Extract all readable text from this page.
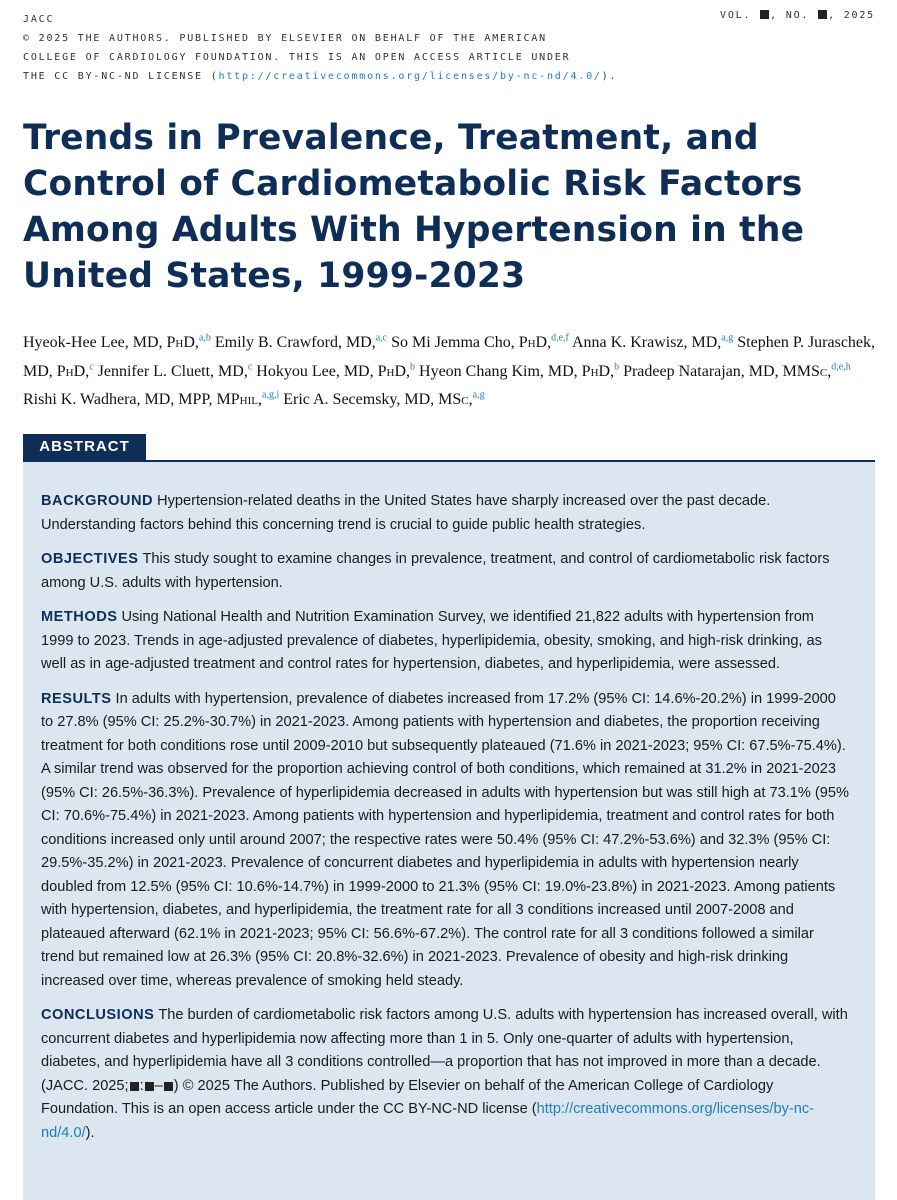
JACC
© 2025 THE AUTHORS. PUBLISHED BY ELSEVIER ON BEHALF OF THE AMERICAN
COLLEGE OF CARDIOLOGY FOUNDATION. THIS IS AN OPEN ACCESS ARTICLE UNDER
THE CC BY-NC-ND LICENSE (http://creativecommons.org/licenses/by-nc-nd/4.0/).
VOL. , NO. , 2025
Trends in Prevalence, Treatment, and Control of Cardiometabolic Risk Factors Among Adults With Hypertension in the United States, 1999-2023
Hyeok-Hee Lee, MD, PhD,$^{a,b}$ Emily B. Crawford, MD,$^{a,c}$ So Mi Jemma Cho, PhD,$^{d,e,f}$ Anna K. Krawisz, MD,$^{a,g}$ Stephen P. Juraschek, MD, PhD,$^c$ Jennifer L. Cluett, MD,$^c$ Hokyou Lee, MD, PhD,$^b$ Hyeon Chang Kim, MD, PhD,$^b$ Pradeep Natarajan, MD, MMSc,$^{d,e,h}$ Rishi K. Wadhera, MD, MPP, MPhil,$^{a,g,i}$ Eric A. Secemsky, MD, MSc,$^{a,g}$
ABSTRACT

BACKGROUND Hypertension-related deaths in the United States have sharply increased over the past decade. Understanding factors behind this concerning trend is crucial to guide public health strategies.

OBJECTIVES This study sought to examine changes in prevalence, treatment, and control of cardiometabolic risk factors among U.S. adults with hypertension.

METHODS Using National Health and Nutrition Examination Survey, we identified 21,822 adults with hypertension from 1999 to 2023. Trends in age-adjusted prevalence of diabetes, hyperlipidemia, obesity, smoking, and high-risk drinking, as well as in age-adjusted treatment and control rates for hypertension, diabetes, and hyperlipidemia, were assessed.

RESULTS In adults with hypertension, prevalence of diabetes increased from 17.2% (95% CI: 14.6%-20.2%) in 1999-2000 to 27.8% (95% CI: 25.2%-30.7%) in 2021-2023. Among patients with hypertension and diabetes, the proportion receiving treatment for both conditions rose until 2009-2010 but subsequently plateaued (71.6% in 2021-2023; 95% CI: 67.5%-75.4%). A similar trend was observed for the proportion achieving control of both conditions, which remained at 31.2% in 2021-2023 (95% CI: 26.5%-36.3%). Prevalence of hyperlipidemia decreased in adults with hypertension but was still high at 73.1% (95% CI: 70.6%-75.4%) in 2021-2023. Among patients with hypertension and hyperlipidemia, treatment and control rates for both conditions increased only until around 2007; the respective rates were 50.4% (95% CI: 47.2%-53.6%) and 32.3% (95% CI: 29.5%-35.2%) in 2021-2023. Prevalence of concurrent diabetes and hyperlipidemia in adults with hypertension nearly doubled from 12.5% (95% CI: 10.6%-14.7%) in 1999-2000 to 21.3% (95% CI: 19.0%-23.8%) in 2021-2023. Among patients with hypertension, diabetes, and hyperlipidemia, the treatment rate for all 3 conditions increased until 2007-2008 and plateaued afterward (62.1% in 2021-2023; 95% CI: 56.6%-67.2%). The control rate for all 3 conditions followed a similar trend but remained low at 26.3% (95% CI: 20.8%-32.6%) in 2021-2023. Prevalence of obesity and high-risk drinking increased over time, whereas prevalence of smoking held steady.

CONCLUSIONS The burden of cardiometabolic risk factors among U.S. adults with hypertension has increased overall, with concurrent diabetes and hyperlipidemia now affecting more than 1 in 5. Only one-quarter of adults with hypertension, diabetes, and hyperlipidemia have all 3 conditions controlled—a proportion that has not improved in more than a decade. (JACC. 2025; : – ) © 2025 The Authors. Published by Elsevier on behalf of the American College of Cardiology Foundation. This is an open access article under the CC BY-NC-ND license (http://creativecommons.org/licenses/by-nc-nd/4.0/).
